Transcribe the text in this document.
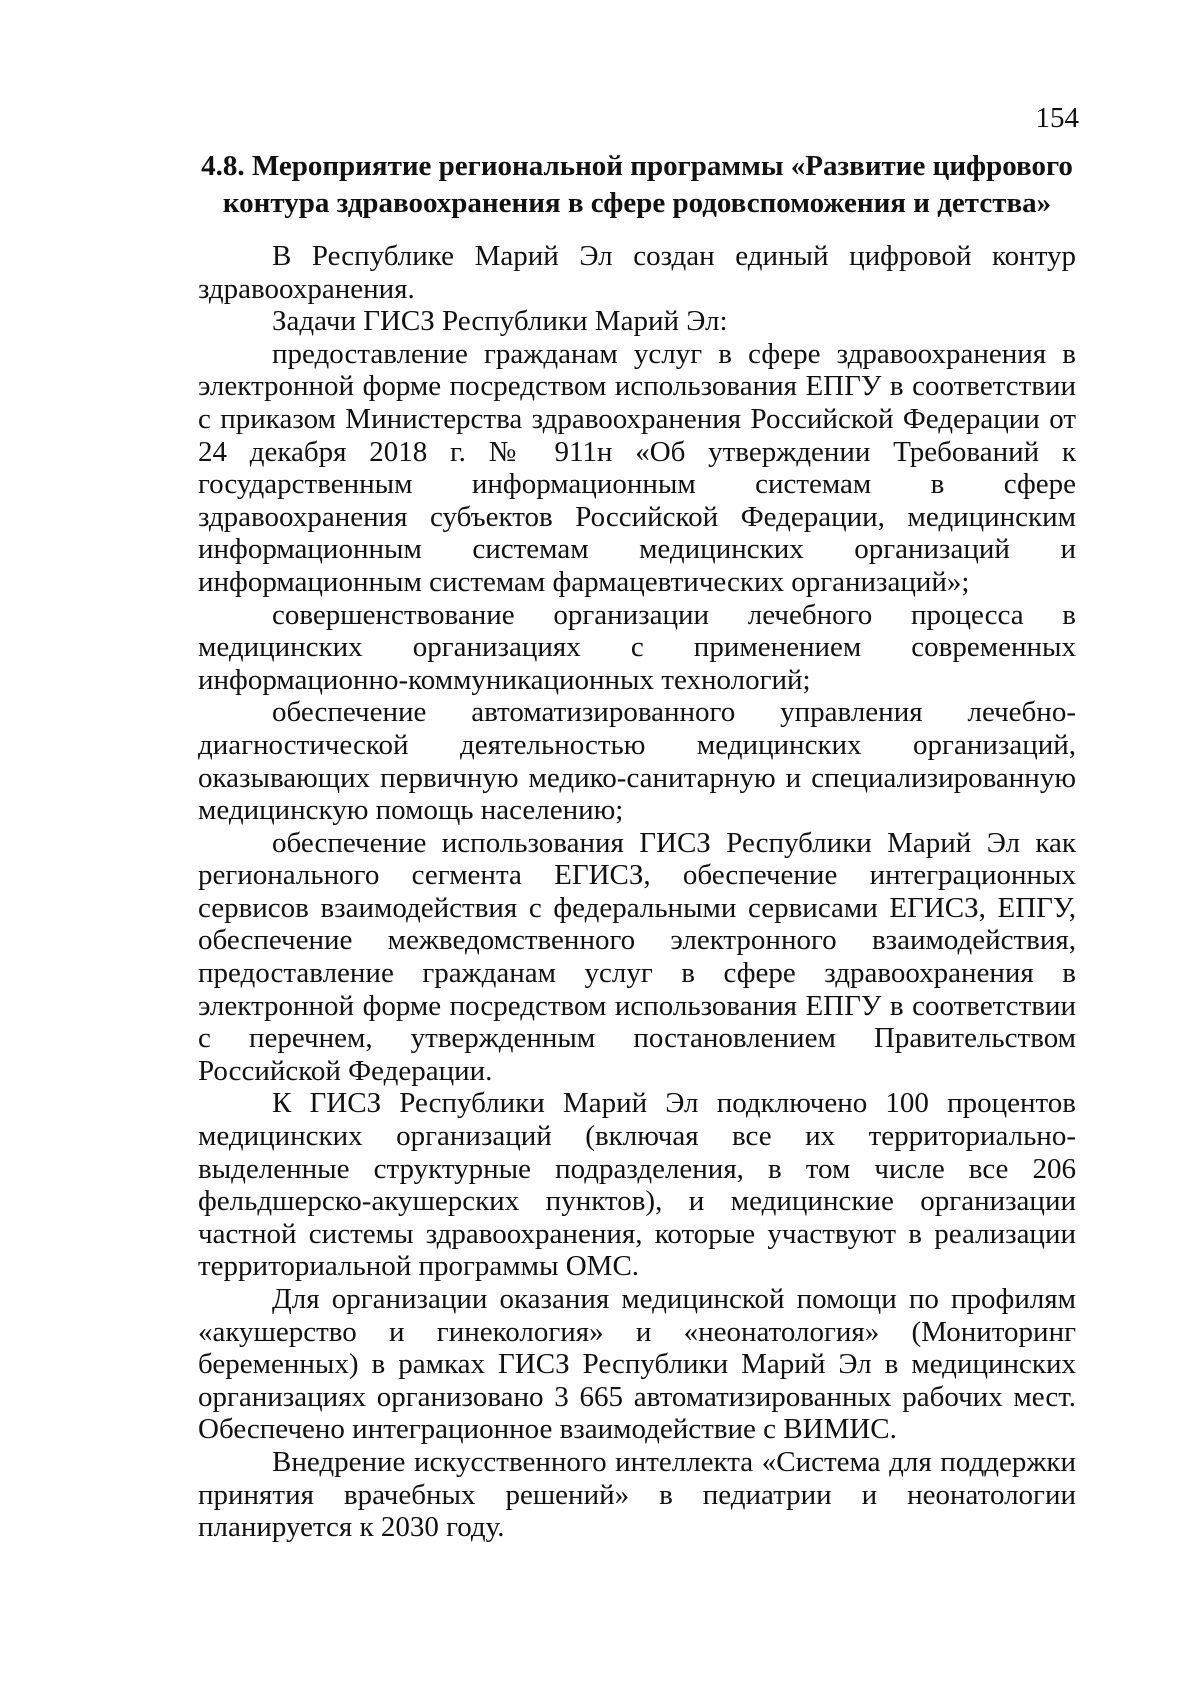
154
4.8. Мероприятие региональной программы «Развитие цифрового контура здравоохранения в сфере родовспоможения и детства»

В Республике Марий Эл создан единый цифровой контур здравоохранения.

Задачи ГИСЗ Республики Марий Эл:

предоставление гражданам услуг в сфере здравоохранения в электронной форме посредством использования ЕПГУ в соответствии с приказом Министерства здравоохранения Российской Федерации от 24 декабря 2018 г. № 911н «Об утверждении Требований к государственным информационным системам в сфере здравоохранения субъектов Российской Федерации, медицинским информационным системам медицинских организаций и информационным системам фармацевтических организаций»;

совершенствование организации лечебного процесса в медицинских организациях с применением современных информационно-коммуникационных технологий;

обеспечение автоматизированного управления лечебно-диагностической деятельностью медицинских организаций, оказывающих первичную медико-санитарную и специализированную медицинскую помощь населению;

обеспечение использования ГИСЗ Республики Марий Эл как регионального сегмента ЕГИСЗ, обеспечение интеграционных сервисов взаимодействия с федеральными сервисами ЕГИСЗ, ЕПГУ, обеспечение межведомственного электронного взаимодействия, предоставление гражданам услуг в сфере здравоохранения в электронной форме посредством использования ЕПГУ в соответствии с перечнем, утвержденным постановлением Правительством Российской Федерации.

К ГИСЗ Республики Марий Эл подключено 100 процентов медицинских организаций (включая все их территориально-выделенные структурные подразделения, в том числе все 206 фельдшерско-акушерских пунктов), и медицинские организации частной системы здравоохранения, которые участвуют в реализации территориальной программы ОМС.

Для организации оказания медицинской помощи по профилям «акушерство и гинекология» и «неонатология» (Мониторинг беременных) в рамках ГИСЗ Республики Марий Эл в медицинских организациях организовано 3 665 автоматизированных рабочих мест. Обеспечено интеграционное взаимодействие с ВИМИС.

Внедрение искусственного интеллекта «Система для поддержки принятия врачебных решений» в педиатрии и неонатологии планируется к 2030 году.
